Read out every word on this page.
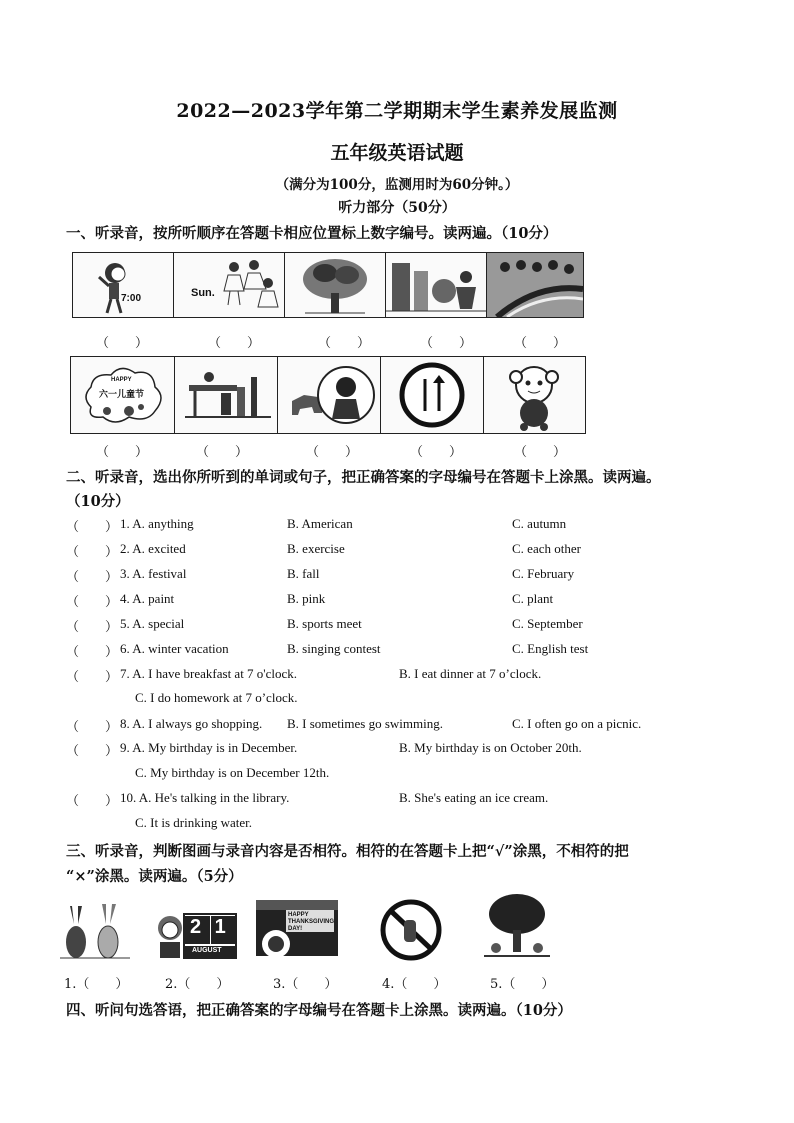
2022—2023学年第二学期期末学生素养发展监测
五年级英语试题
（满分为100分，监测用时为60分钟。）
听力部分（50分）
一、听录音，按所听顺序在答题卡相应位置标上数字编号。读两遍。（10分）
7:00	Sun.
（　　）	（　　）	（　　）	（　　）	（　　）
HAPPY
六一儿童节
（　　）	（　　）	（　　）	（　　）	（　　）
二、听录音，选出你所听到的单词或句子，把正确答案的字母编号在答题卡上涂黑。读两遍。
（10分）
（　　） 1. A. anything	B. American	C. autumn
（　　） 2. A. excited	B. exercise	C. each other
（　　） 3. A. festival	B. fall	C. February
（　　） 4. A. paint	B. pink	C. plant
（　　） 5. A. special	B. sports meet	C. September
（　　） 6. A. winter vacation	B. singing contest	C. English test
（　　） 7. A. I have breakfast at 7 o'clock.	B. I eat dinner at 7 o’clock.
C. I do homework at 7 o’clock.
（　　） 8. A. I always go shopping. B. I sometimes go swimming.	C. I often go on a picnic.
（　　） 9. A. My birthday is in December.	B. My birthday is on October 20th.
C. My birthday is on December 12th.
（　　） 10. A. He's talking in the library.	B. She's eating an ice cream.
C. It is drinking water.
三、听录音，判断图画与录音内容是否相符。相符的在答题卡上把“√”涂黑，不相符的把
“×”涂黑。读两遍。（5分）
2 1
AUGUST
HAPPY THANKSGIVING DAY!
1.（　　）	2.（　　）	3.（　　）	4.（　　）	5.（　　）
四、听问句选答语，把正确答案的字母编号在答题卡上涂黑。读两遍。（10分）
